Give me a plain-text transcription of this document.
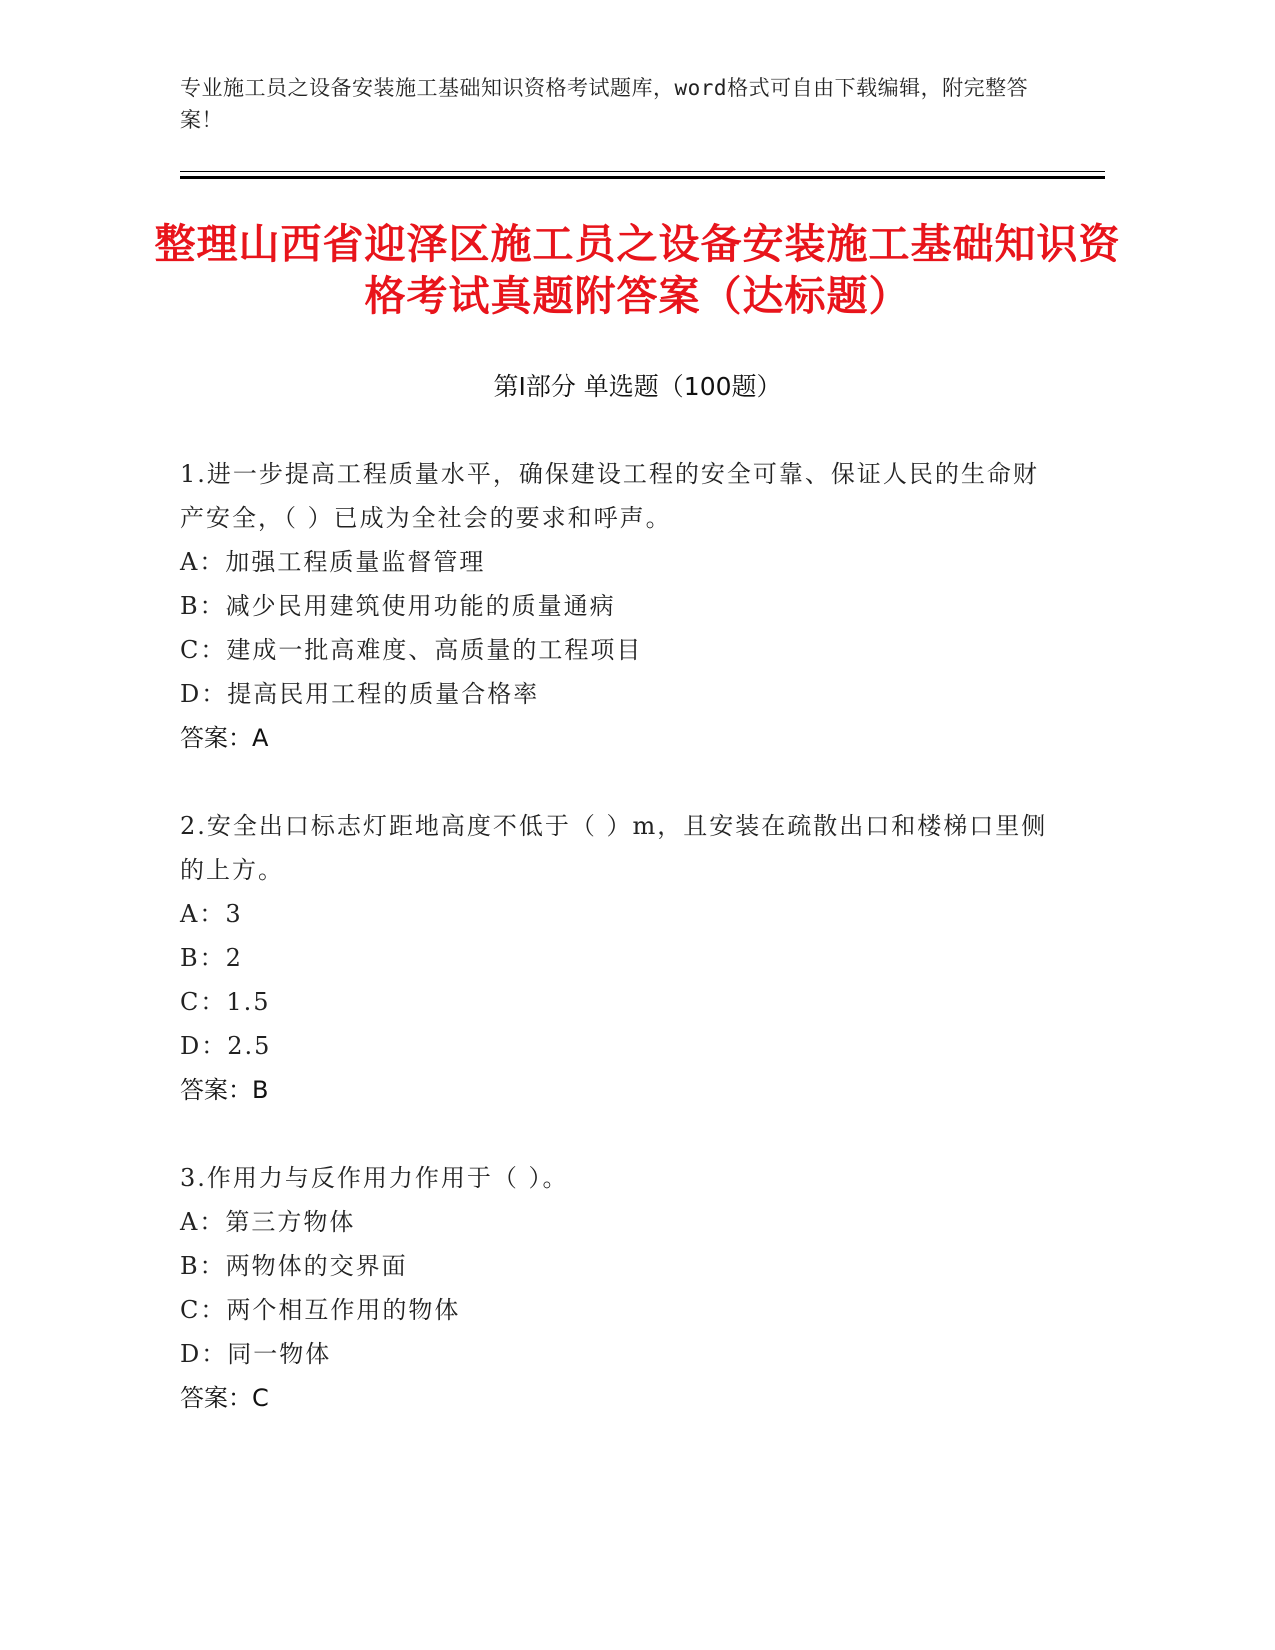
专业施工员之设备安装施工基础知识资格考试题库，word格式可自由下载编辑，附完整答案！
整理山西省迎泽区施工员之设备安装施工基础知识资格考试真题附答案（达标题）
第Ⅰ部分 单选题（100题）

1.进一步提高工程质量水平，确保建设工程的安全可靠、保证人民的生命财产安全，（ ）已成为全社会的要求和呼声。

A： 加强工程质量监督管理
B： 减少民用建筑使用功能的质量通病
C： 建成一批高难度、高质量的工程项目
D： 提高民用工程的质量合格率
答案：A

2.安全出口标志灯距地高度不低于（ ）m，且安装在疏散出口和楼梯口里侧的上方。

A： 3
B： 2
C： 1.5
D： 2.5
答案：B

3.作用力与反作用力作用于（ ）。

A： 第三方物体
B： 两物体的交界面
C： 两个相互作用的物体
D： 同一物体
答案：C
